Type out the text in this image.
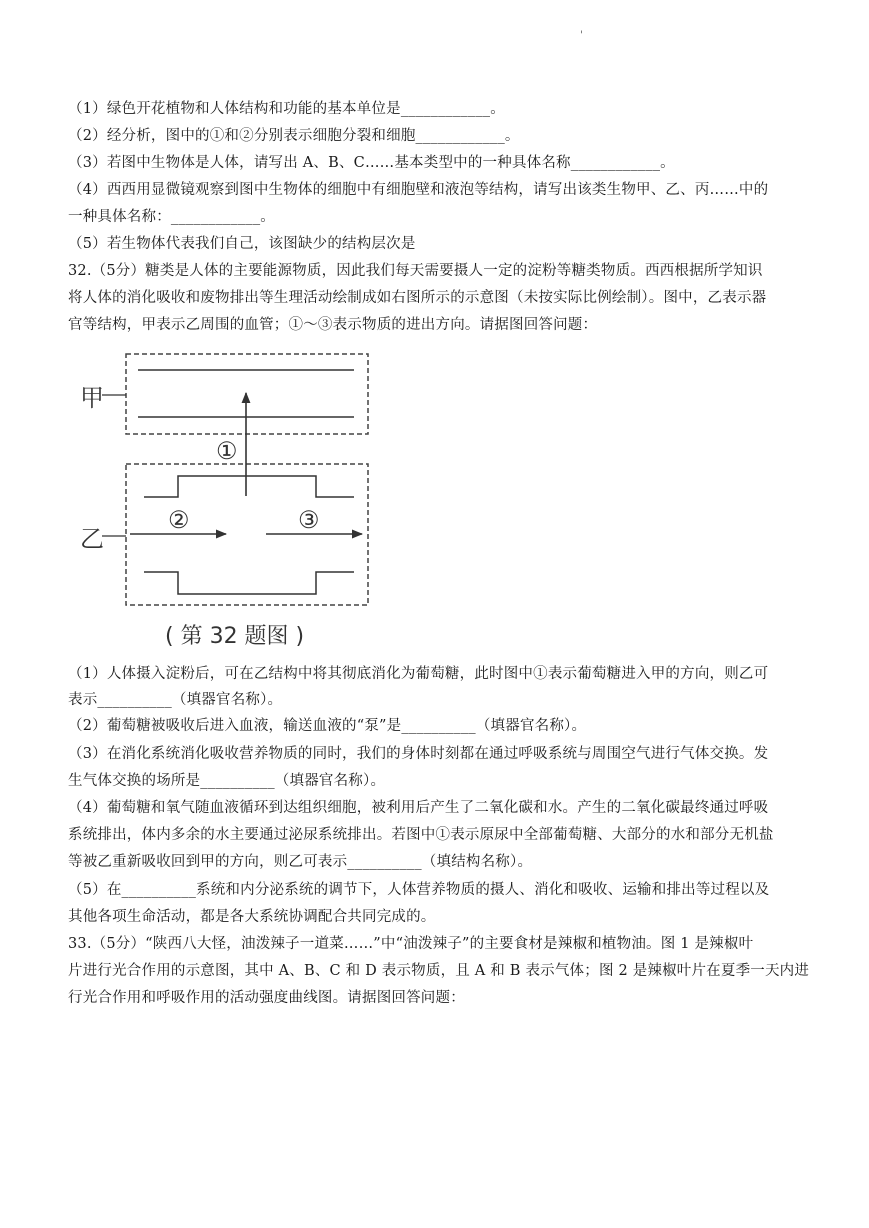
'
（1）绿色开花植物和人体结构和功能的基本单位是____________。
（2）经分析，图中的①和②分别表示细胞分裂和细胞____________。
（3）若图中生物体是人体，请写出 A、B、C……基本类型中的一种具体名称____________。
（4）西西用显微镜观察到图中生物体的细胞中有细胞壁和液泡等结构，请写出该类生物甲、乙、丙……中的
一种具体名称：____________。
（5）若生物体代表我们自己，该图缺少的结构层次是
32.（5分）糖类是人体的主要能源物质，因此我们每天需要摄人一定的淀粉等糖类物质。西西根据所学知识
将人体的消化吸收和废物排出等生理活动绘制成如右图所示的示意图（未按实际比例绘制）。图中，乙表示器
官等结构，甲表示乙周围的血管；①～③表示物质的进出方向。请据图回答问题：
甲
乙
①
②	③
( 第 32 题图 )
（1）人体摄入淀粉后，可在乙结构中将其彻底消化为葡萄糖，此时图中①表示葡萄糖进入甲的方向，则乙可
表示__________（填器官名称）。
（2）葡萄糖被吸收后进入血液，输送血液的“泵”是__________（填器官名称）。
（3）在消化系统消化吸收营养物质的同时，我们的身体时刻都在通过呼吸系统与周围空气进行气体交换。发
生气体交换的场所是__________（填器官名称）。
（4）葡萄糖和氧气随血液循环到达组织细胞，被利用后产生了二氧化碳和水。产生的二氧化碳最终通过呼吸
系统排出，体内多余的水主要通过泌尿系统排出。若图中①表示原尿中全部葡萄糖、大部分的水和部分无机盐
等被乙重新吸收回到甲的方向，则乙可表示__________（填结构名称）。
（5）在__________系统和内分泌系统的调节下，人体营养物质的摄人、消化和吸收、运输和排出等过程以及
其他各项生命活动，都是各大系统协调配合共同完成的。
33.（5分）“陕西八大怪，油泼辣子一道菜……”中“油泼辣子”的主要食材是辣椒和植物油。图 1 是辣椒叶
片进行光合作用的示意图，其中 A、B、C 和 D 表示物质，且 A 和 B 表示气体；图 2 是辣椒叶片在夏季一天内进
行光合作用和呼吸作用的活动强度曲线图。请据图回答问题：
